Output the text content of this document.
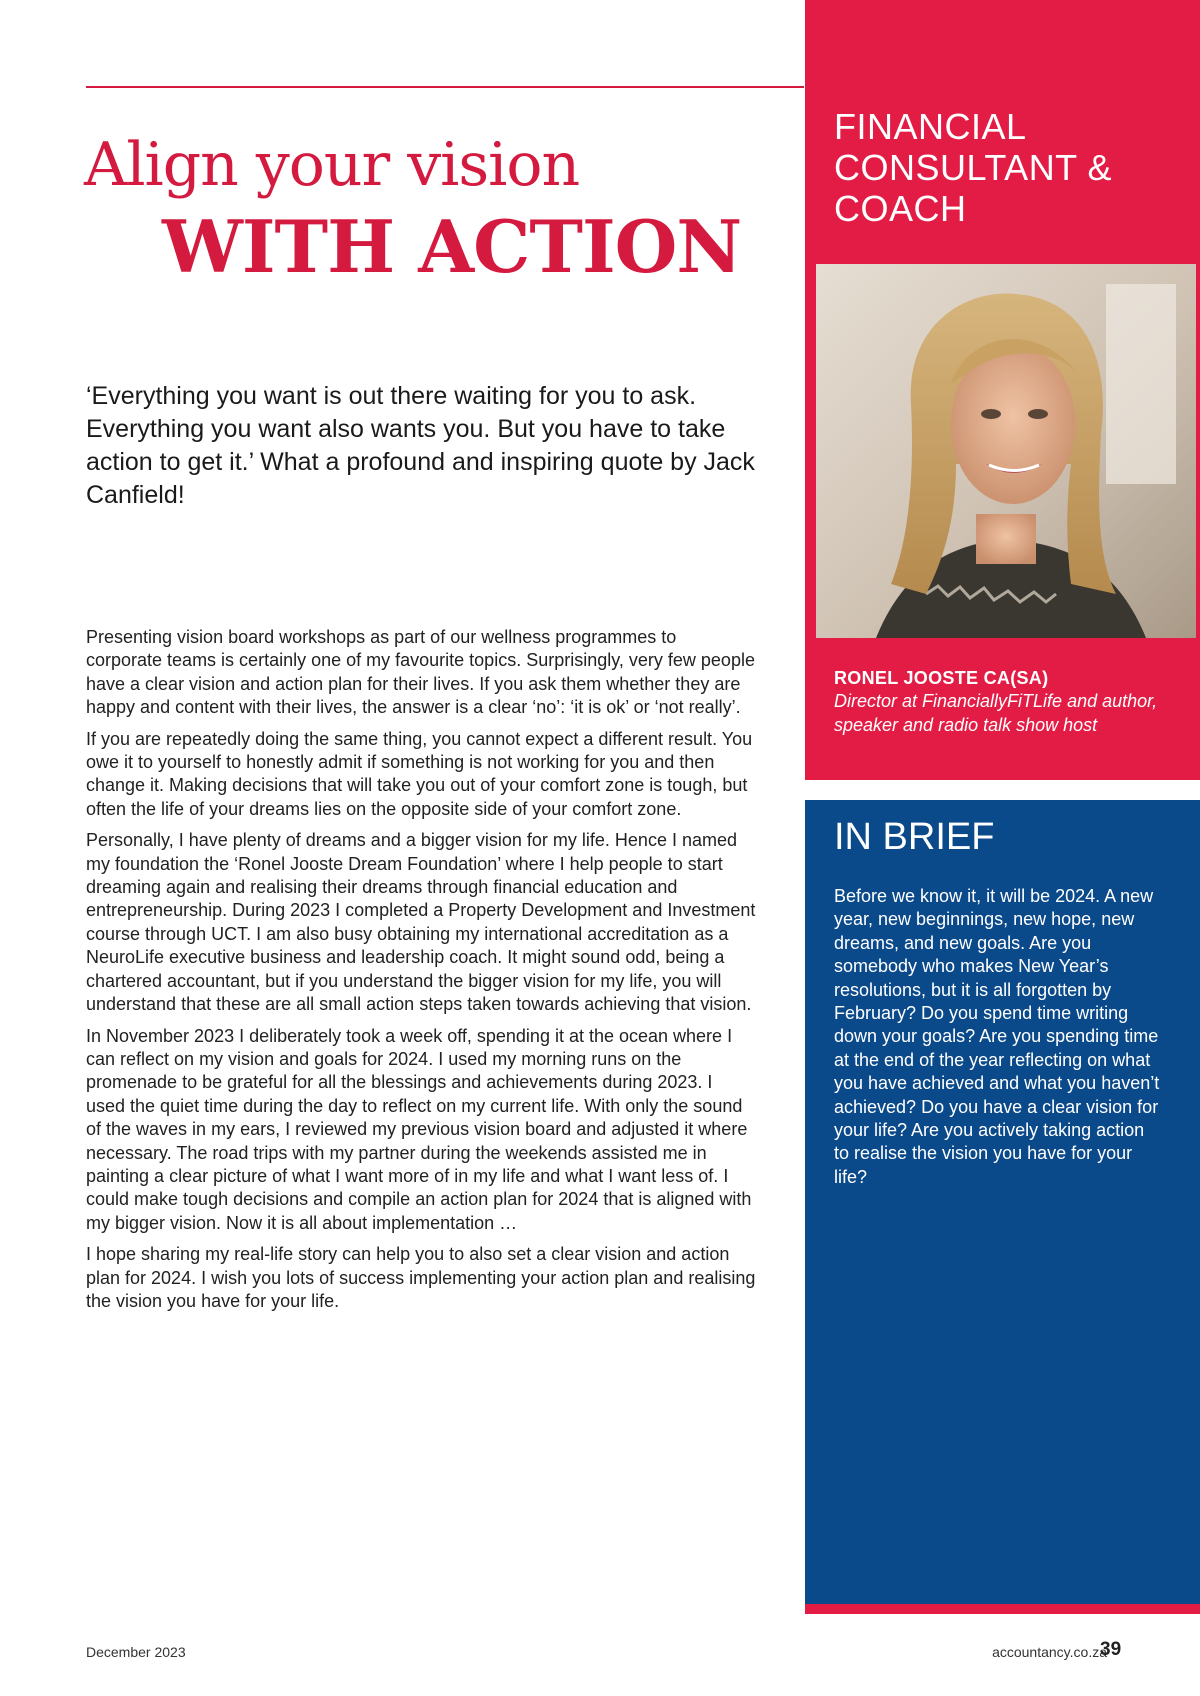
Align your vision
WITH ACTION

‘Everything you want is out there waiting for you to ask. Everything you want also wants you. But you have to take action to get it.’ What a profound and inspiring quote by Jack Canfield!

Presenting vision board workshops as part of our wellness programmes to corporate teams is certainly one of my favourite topics. Surprisingly, very few people have a clear vision and action plan for their lives. If you ask them whether they are happy and content with their lives, the answer is a clear ‘no’: ‘it is ok’ or ‘not really’.

If you are repeatedly doing the same thing, you cannot expect a different result. You owe it to yourself to honestly admit if something is not working for you and then change it. Making decisions that will take you out of your comfort zone is tough, but often the life of your dreams lies on the opposite side of your comfort zone.

Personally, I have plenty of dreams and a bigger vision for my life. Hence I named my foundation the ‘Ronel Jooste Dream Foundation’ where I help people to start dreaming again and realising their dreams through financial education and entrepreneurship. During 2023 I completed a Property Development and Investment course through UCT. I am also busy obtaining my international accreditation as a NeuroLife executive business and leadership coach. It might sound odd, being a chartered accountant, but if you understand the bigger vision for my life, you will understand that these are all small action steps taken towards achieving that vision.

In November 2023 I deliberately took a week off, spending it at the ocean where I can reflect on my vision and goals for 2024. I used my morning runs on the promenade to be grateful for all the blessings and achievements during 2023. I used the quiet time during the day to reflect on my current life. With only the sound of the waves in my ears, I reviewed my previous vision board and adjusted it where necessary. The road trips with my partner during the weekends assisted me in painting a clear picture of what I want more of in my life and what I want less of. I could make tough decisions and compile an action plan for 2024 that is aligned with my bigger vision. Now it is all about implementation …

I hope sharing my real-life story can help you to also set a clear vision and action plan for 2024. I wish you lots of success implementing your action plan and realising the vision you have for your life.

FINANCIAL
CONSULTANT &
COACH
RONEL JOOSTE CA(SA)

Director at FinanciallyFiTLife and author, speaker and radio talk show host

IN BRIEF

Before we know it, it will be 2024. A new year, new beginnings, new hope, new dreams, and new goals. Are you somebody who makes New Year’s resolutions, but it is all forgotten by February? Do you spend time writing down your goals? Are you spending time at the end of the year reflecting on what you have achieved and what you haven’t achieved? Do you have a clear vision for your life? Are you actively taking action to realise the vision you have for your life?

December 2023	accountancy.co.za
39
